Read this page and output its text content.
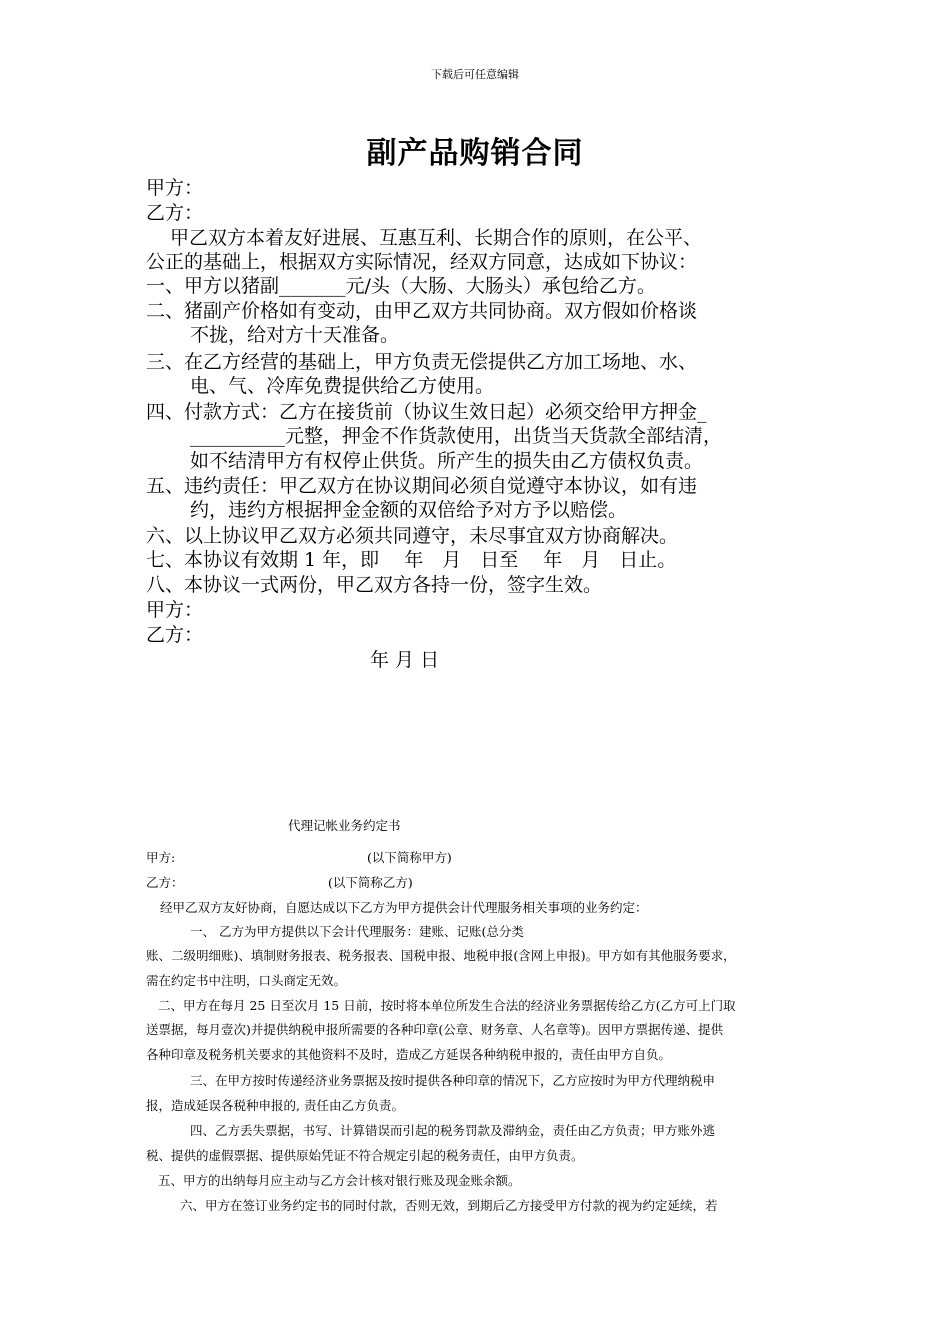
下载后可任意编辑
副产品购销合同
甲方：
乙方：
甲乙双方本着友好进展、互惠互利、长期合作的原则，在公平、
公正的基础上，根据双方实际情况，经双方同意，达成如下协议：
一、甲方以猪副_______元/头（大肠、大肠头）承包给乙方。
二、猪副产价格如有变动，由甲乙双方共同协商。双方假如价格谈
不拢，给对方十天准备。
三、在乙方经营的基础上，甲方负责无偿提供乙方加工场地、水、
电、气、冷库免费提供给乙方使用。
四、付款方式：乙方在接货前（协议生效日起）必须交给甲方押金_
__________元整，押金不作货款使用，出货当天货款全部结清，
如不结清甲方有权停止供货。所产生的损失由乙方债权负责。
五、违约责任：甲乙双方在协议期间必须自觉遵守本协议，如有违
约，违约方根据押金金额的双倍给予对方予以赔偿。
六、以上协议甲乙双方必须共同遵守，未尽事宜双方协商解决。
七、本协议有效期 1 年，即　 年　月　日至　 年　月　日止。
八、本协议一式两份，甲乙双方各持一份，签字生效。
甲方：
乙方：
年 月 日
代理记帐业务约定书
甲方:	(以下简称甲方)
乙方：	(以下简称乙方)
经甲乙双方友好协商，自愿达成以下乙方为甲方提供会计代理服务相关事项的业务约定：
一、 乙方为甲方提供以下会计代理服务：建账、记账(总分类
账、二级明细账)、填制财务报表、税务报表、国税申报、地税申报(含网上申报)。甲方如有其他服务要求，
需在约定书中注明，口头商定无效。
二、甲方在每月 25 日至次月 15 日前，按时将本单位所发生合法的经济业务票据传给乙方(乙方可上门取
送票据，每月壹次)并提供纳税申报所需要的各种印章(公章、财务章、人名章等)。因甲方票据传递、提供
各种印章及税务机关要求的其他资料不及时，造成乙方延误各种纳税申报的，责任由甲方自负。
三、在甲方按时传递经济业务票据及按时提供各种印章的情况下，乙方应按时为甲方代理纳税申
报，造成延误各税种申报的, 责任由乙方负责。
四、乙方丢失票据，书写、计算错误而引起的税务罚款及滞纳金，责任由乙方负责；甲方账外逃
税、提供的虚假票据、提供原始凭证不符合规定引起的税务责任，由甲方负责。
五、甲方的出纳每月应主动与乙方会计核对银行账及现金账余额。
六、甲方在签订业务约定书的同时付款，否则无效，到期后乙方接受甲方付款的视为约定延续，若
